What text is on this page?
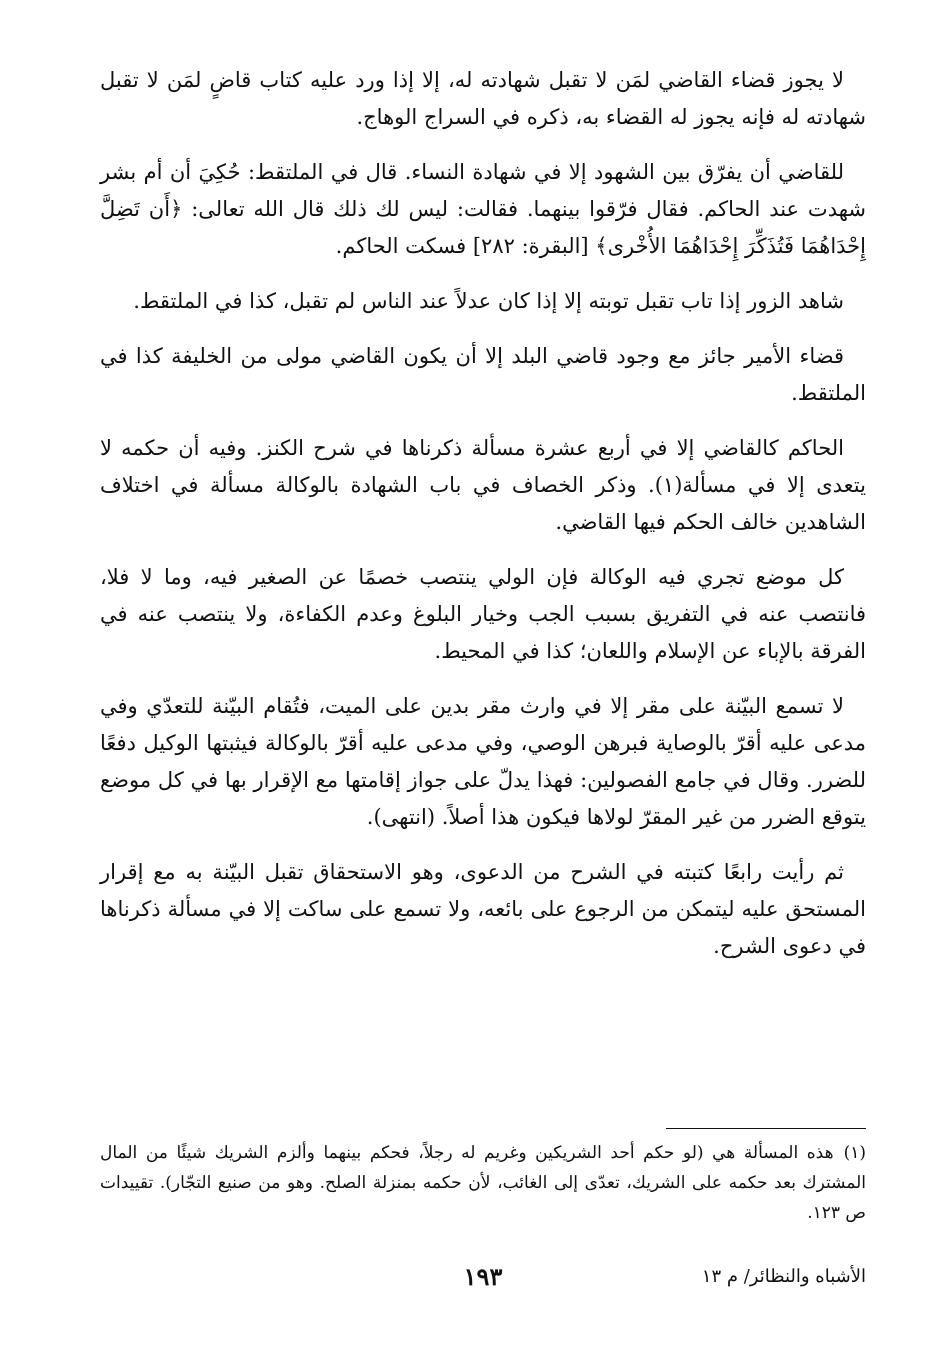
لا يجوز قضاء القاضي لمَن لا تقبل شهادته له، إلا إذا ورد عليه كتاب قاضٍ لمَن لا تقبل شهادته له فإنه يجوز له القضاء به، ذكره في السراج الوهاج.

للقاضي أن يفرّق بين الشهود إلا في شهادة النساء. قال في الملتقط: حُكِيَ أن أم بشر شهدت عند الحاكم. فقال فرّقوا بينهما. فقالت: ليس لك ذلك قال الله تعالى: ﴿أَن تَضِلَّ إِحْدَاهُمَا فَتُذَكِّرَ إِحْدَاهُمَا الأُخْرى﴾ [البقرة: ٢٨٢] فسكت الحاكم.

شاهد الزور إذا تاب تقبل توبته إلا إذا كان عدلاً عند الناس لم تقبل، كذا في الملتقط.

قضاء الأمير جائز مع وجود قاضي البلد إلا أن يكون القاضي مولى من الخليفة كذا في الملتقط.

الحاكم كالقاضي إلا في أربع عشرة مسألة ذكرناها في شرح الكنز. وفيه أن حكمه لا يتعدى إلا في مسألة(١). وذكر الخصاف في باب الشهادة بالوكالة مسألة في اختلاف الشاهدين خالف الحكم فيها القاضي.

كل موضع تجري فيه الوكالة فإن الولي ينتصب خصمًا عن الصغير فيه، وما لا فلا، فانتصب عنه في التفريق بسبب الجب وخيار البلوغ وعدم الكفاءة، ولا ينتصب عنه في الفرقة بالإباء عن الإسلام واللعان؛ كذا في المحيط.

لا تسمع البيّنة على مقر إلا في وارث مقر بدين على الميت، فتُقام البيّنة للتعدّي وفي مدعى عليه أقرّ بالوصاية فبرهن الوصي، وفي مدعى عليه أقرّ بالوكالة فيثبتها الوكيل دفعًا للضرر. وقال في جامع الفصولين: فهذا يدلّ على جواز إقامتها مع الإقرار بها في كل موضع يتوقع الضرر من غير المقرّ لولاها فيكون هذا أصلاً. (انتهى).

ثم رأيت رابعًا كتبته في الشرح من الدعوى، وهو الاستحقاق تقبل البيّنة به مع إقرار المستحق عليه ليتمكن من الرجوع على بائعه، ولا تسمع على ساكت إلا في مسألة ذكرناها في دعوى الشرح.

(١)هذه المسألة هي (لو حكم أحد الشريكين وغريم له رجلاً، فحكم بينهما وألزم الشريك شيئًا من المال المشترك بعد حكمه على الشريك، تعدّى إلى الغائب، لأن حكمه بمنزلة الصلح. وهو من صنيع التجّار). تقييدات ص ١٢٣.

الأشباه والنظائر/ م ١٣
١٩٣
